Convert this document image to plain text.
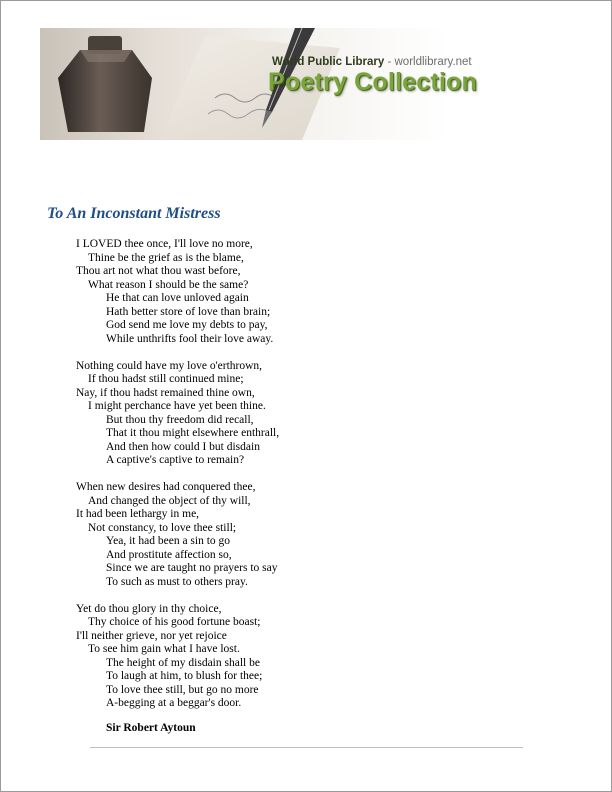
World Public Library - worldlibrary.net
Poetry Collection
To An Inconstant Mistress
I LOVED thee once, I'll love no more,
Thine be the grief as is the blame,
Thou art not what thou wast before,
What reason I should be the same?
He that can love unloved again
Hath better store of love than brain;
God send me love my debts to pay,
While unthrifts fool their love away.
Nothing could have my love o'erthrown,
If thou hadst still continued mine;
Nay, if thou hadst remained thine own,
I might perchance have yet been thine.
But thou thy freedom did recall,
That it thou might elsewhere enthrall,
And then how could I but disdain
A captive's captive to remain?
When new desires had conquered thee,
And changed the object of thy will,
It had been lethargy in me,
Not constancy, to love thee still;
Yea, it had been a sin to go
And prostitute affection so,
Since we are taught no prayers to say
To such as must to others pray.
Yet do thou glory in thy choice,
Thy choice of his good fortune boast;
I'll neither grieve, nor yet rejoice
To see him gain what I have lost.
The height of my disdain shall be
To laugh at him, to blush for thee;
To love thee still, but go no more
A-begging at a beggar's door.
Sir Robert Aytoun
